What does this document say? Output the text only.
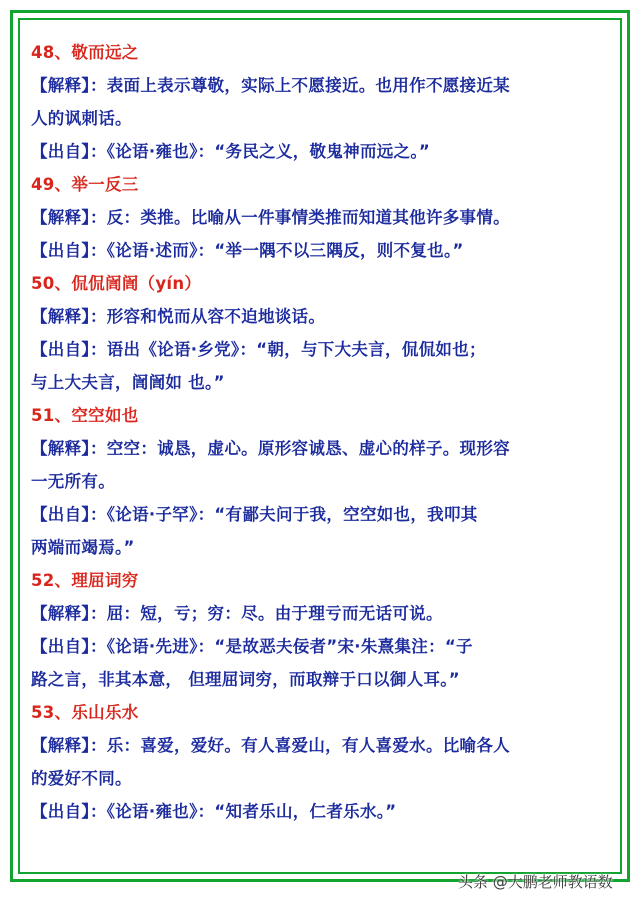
48、敬而远之
【解释】：表面上表示尊敬，实际上不愿接近。也用作不愿接近某
人的讽刺话。
【出自】：《论语·雍也》：“务民之义，敬鬼神而远之。”
49、举一反三
【解释】：反：类推。比喻从一件事情类推而知道其他许多事情。
【出自】：《论语·述而》：“举一隅不以三隅反，则不复也。”
50、侃侃訚訚（yín）
【解释】：形容和悦而从容不迫地谈话。
【出自】：语出《论语·乡党》：“朝，与下大夫言，侃侃如也；
与上大夫言，訚訚如 也。”
51、空空如也
【解释】：空空：诚恳，虚心。原形容诚恳、虚心的样子。现形容
一无所有。
【出自】：《论语·子罕》：“有鄙夫问于我，空空如也，我叩其
两端而竭焉。”
52、理屈词穷
【解释】：屈：短，亏；穷：尽。由于理亏而无话可说。
【出自】：《论语·先进》：“是故恶夫佞者”宋·朱熹集注：“子
路之言，非其本意， 但理屈词穷，而取辩于口以御人耳。”
53、乐山乐水
【解释】：乐：喜爱，爱好。有人喜爱山，有人喜爱水。比喻各人
的爱好不同。
【出自】：《论语·雍也》：“知者乐山，仁者乐水。”
头条 @大鹏老师教语数
